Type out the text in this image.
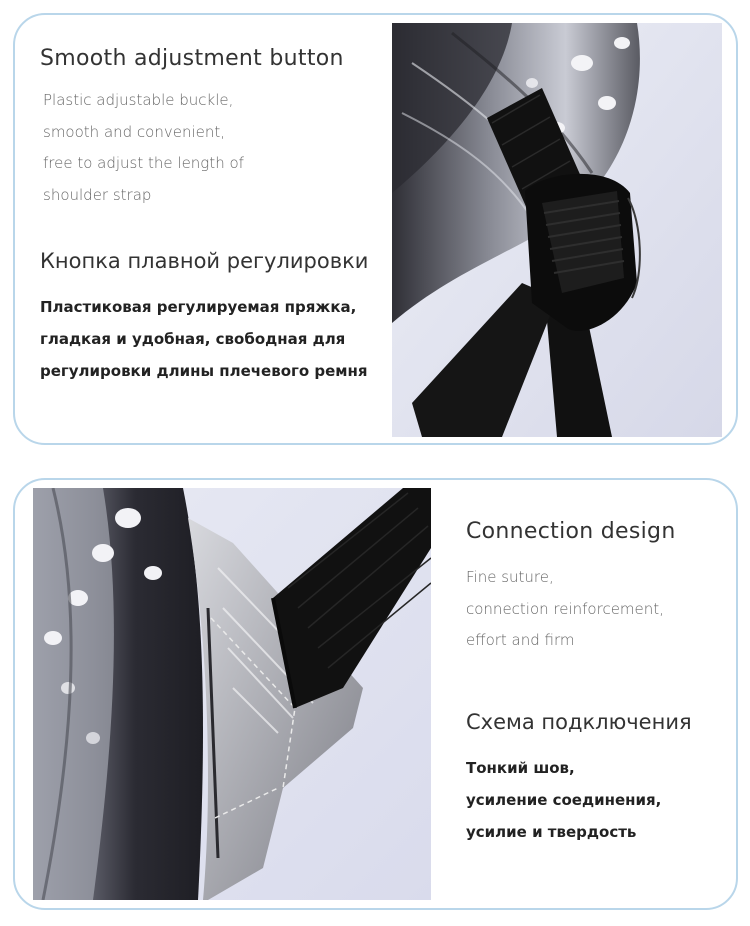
Smooth adjustment button

Plastic adjustable buckle,
smooth and convenient,
free to adjust the length of
shoulder strap

Кнопка плавной регулировки

Пластиковая регулируемая пряжка,
гладкая и удобная, свободная для
регулировки длины плечевого ремня

Connection design

Fine suture,
connection reinforcement,
effort and firm

Схема подключения

Тонкий шов,
усиление соединения,
усилие и твердость
